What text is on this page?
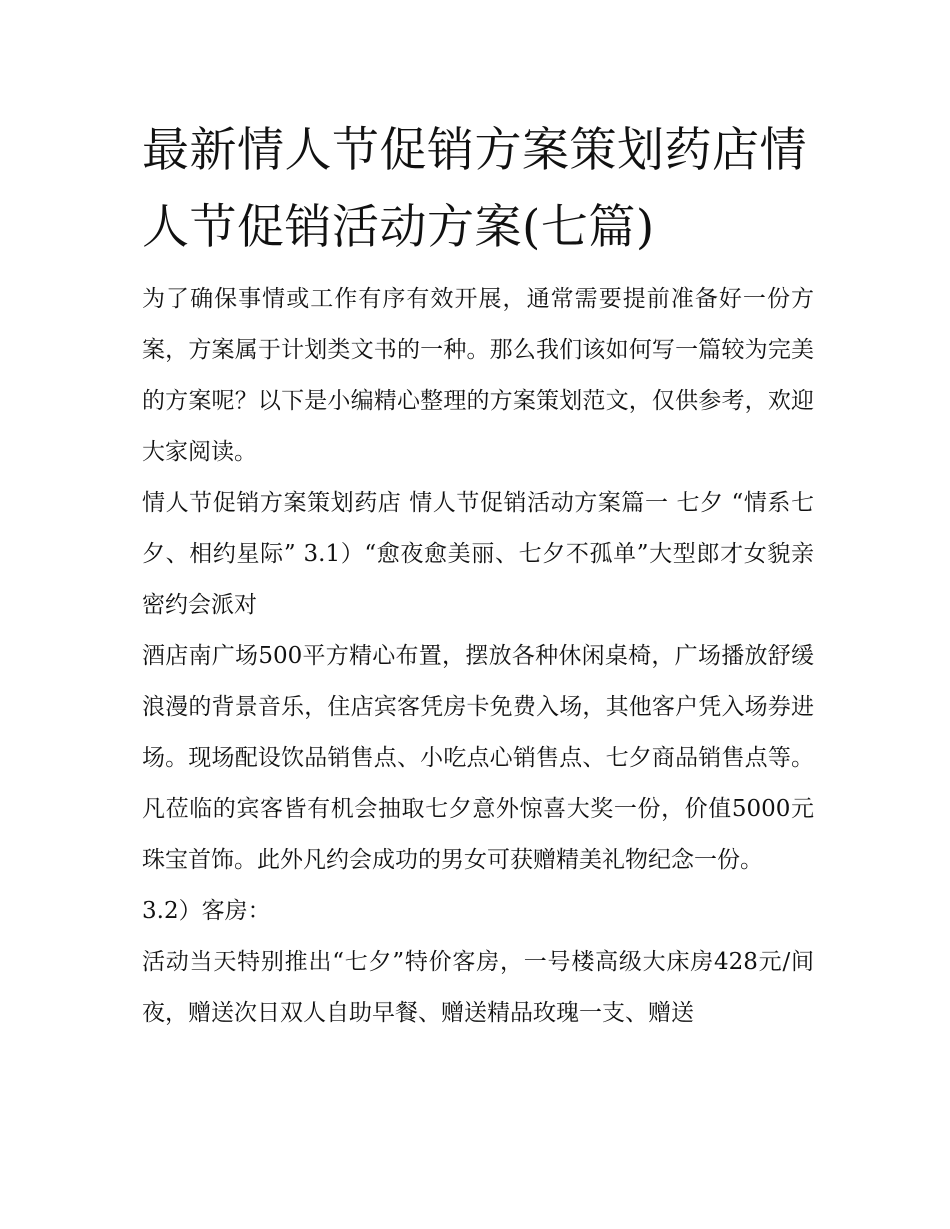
最新情人节促销方案策划药店情人节促销活动方案(七篇)

为了确保事情或工作有序有效开展，通常需要提前准备好一份方案，方案属于计划类文书的一种。那么我们该如何写一篇较为完美的方案呢？以下是小编精心整理的方案策划范文，仅供参考，欢迎大家阅读。

情人节促销方案策划药店 情人节促销活动方案篇一 七夕 “情系七夕、相约星际” 3.1）“愈夜愈美丽、七夕不孤单”大型郎才女貌亲密约会派对

酒店南广场500平方精心布置，摆放各种休闲桌椅，广场播放舒缓浪漫的背景音乐，住店宾客凭房卡免费入场，其他客户凭入场券进场。现场配设饮品销售点、小吃点心销售点、七夕商品销售点等。凡莅临的宾客皆有机会抽取七夕意外惊喜大奖一份，价值5000元珠宝首饰。此外凡约会成功的男女可获赠精美礼物纪念一份。

3.2）客房：

活动当天特别推出“七夕”特价客房，一号楼高级大床房428元/间夜，赠送次日双人自助早餐、赠送精品玫瑰一支、赠送
